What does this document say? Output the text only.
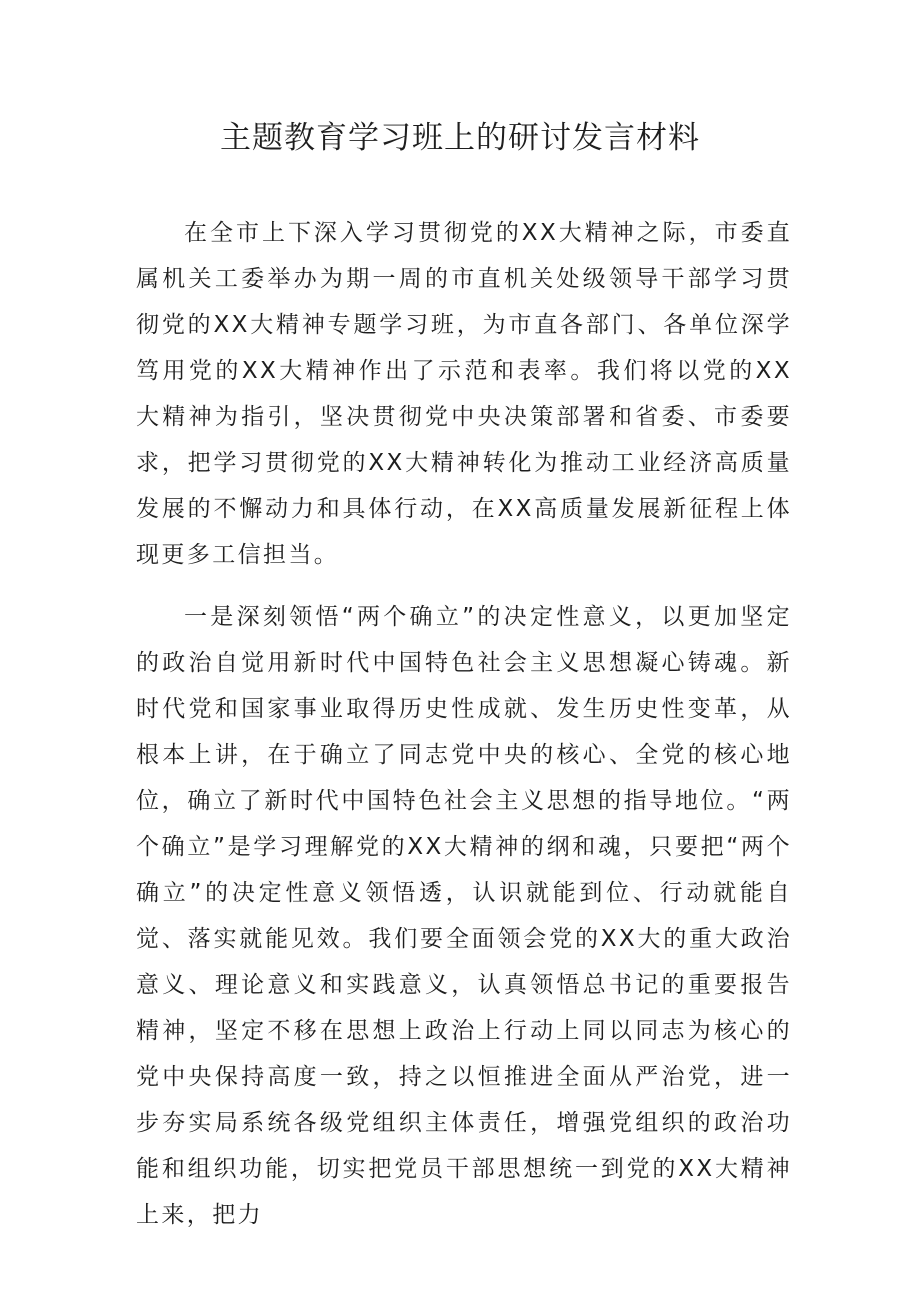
主题教育学习班上的研讨发言材料

在全市上下深入学习贯彻党的XX大精神之际，市委直属机关工委举办为期一周的市直机关处级领导干部学习贯彻党的XX大精神专题学习班，为市直各部门、各单位深学笃用党的XX大精神作出了示范和表率。我们将以党的XX大精神为指引，坚决贯彻党中央决策部署和省委、市委要求，把学习贯彻党的XX大精神转化为推动工业经济高质量发展的不懈动力和具体行动，在XX高质量发展新征程上体现更多工信担当。

一是深刻领悟“两个确立”的决定性意义，以更加坚定的政治自觉用新时代中国特色社会主义思想凝心铸魂。新时代党和国家事业取得历史性成就、发生历史性变革，从根本上讲，在于确立了同志党中央的核心、全党的核心地位，确立了新时代中国特色社会主义思想的指导地位。“两个确立”是学习理解党的XX大精神的纲和魂，只要把“两个确立”的决定性意义领悟透，认识就能到位、行动就能自觉、落实就能见效。我们要全面领会党的XX大的重大政治意义、理论意义和实践意义，认真领悟总书记的重要报告精神，坚定不移在思想上政治上行动上同以同志为核心的党中央保持高度一致，持之以恒推进全面从严治党，进一步夯实局系统各级党组织主体责任，增强党组织的政治功能和组织功能，切实把党员干部思想统一到党的XX大精神上来，把力
